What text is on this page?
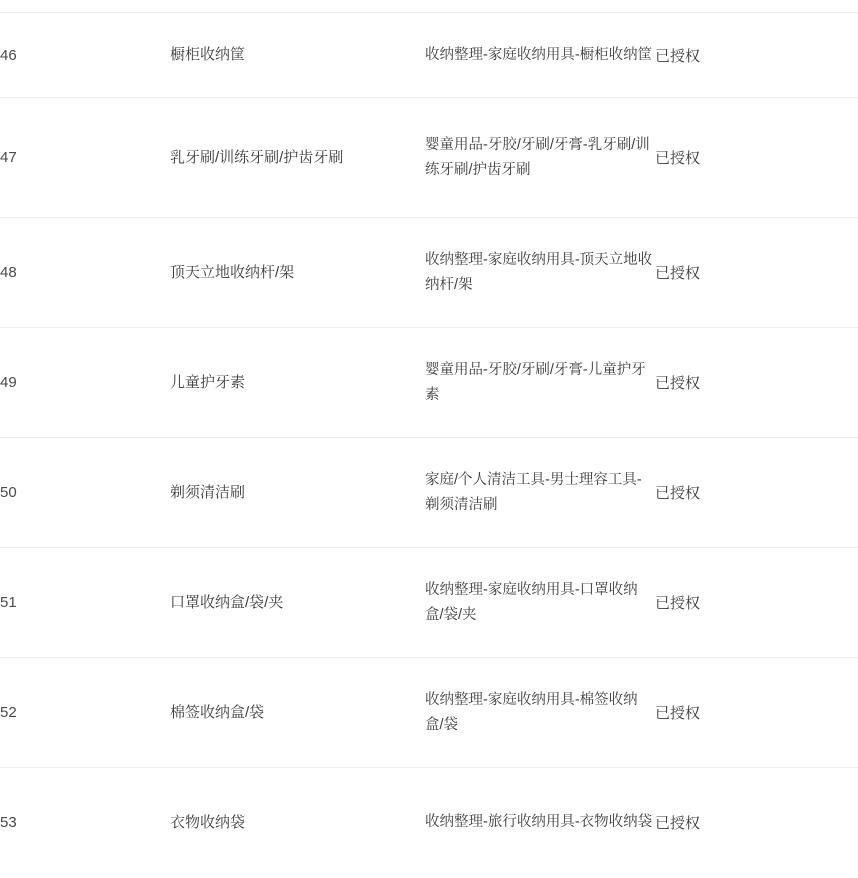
46	橱柜收纳筐	收纳整理-家庭收纳用具-橱柜收纳筐	已授权
47	乳牙刷/训练牙刷/护齿牙刷	婴童用品-牙胶/牙刷/牙膏-乳牙刷/训练牙刷/护齿牙刷	已授权
48	顶天立地收纳杆/架	收纳整理-家庭收纳用具-顶天立地收纳杆/架	已授权
49	儿童护牙素	婴童用品-牙胶/牙刷/牙膏-儿童护牙素	已授权
50	剃须清洁刷	家庭/个人清洁工具-男士理容工具-剃须清洁刷	已授权
51	口罩收纳盒/袋/夹	收纳整理-家庭收纳用具-口罩收纳盒/袋/夹	已授权
52	棉签收纳盒/袋	收纳整理-家庭收纳用具-棉签收纳盒/袋	已授权
53	衣物收纳袋	收纳整理-旅行收纳用具-衣物收纳袋	已授权
